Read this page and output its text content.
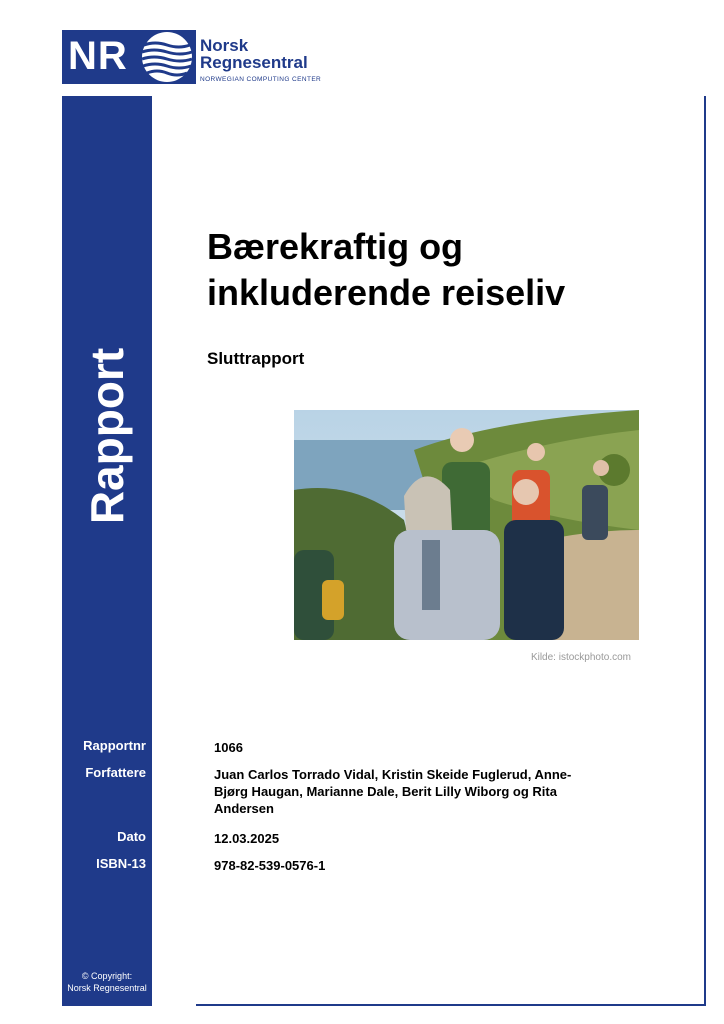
NR	Norsk
Regnesentral
NORWEGIAN COMPUTING CENTER
Rapport
Rapportnr
Forfattere
Dato
ISBN-13
© Copyright:
Norsk Regnesentral
Bærekraftig og
inkluderende reiseliv
Sluttrapport
Kilde: istockphoto.com
1066
Juan Carlos Torrado Vidal, Kristin Skeide Fuglerud, Anne-Bjørg Haugan, Marianne Dale, Berit Lilly Wiborg og Rita Andersen
12.03.2025
978-82-539-0576-1
